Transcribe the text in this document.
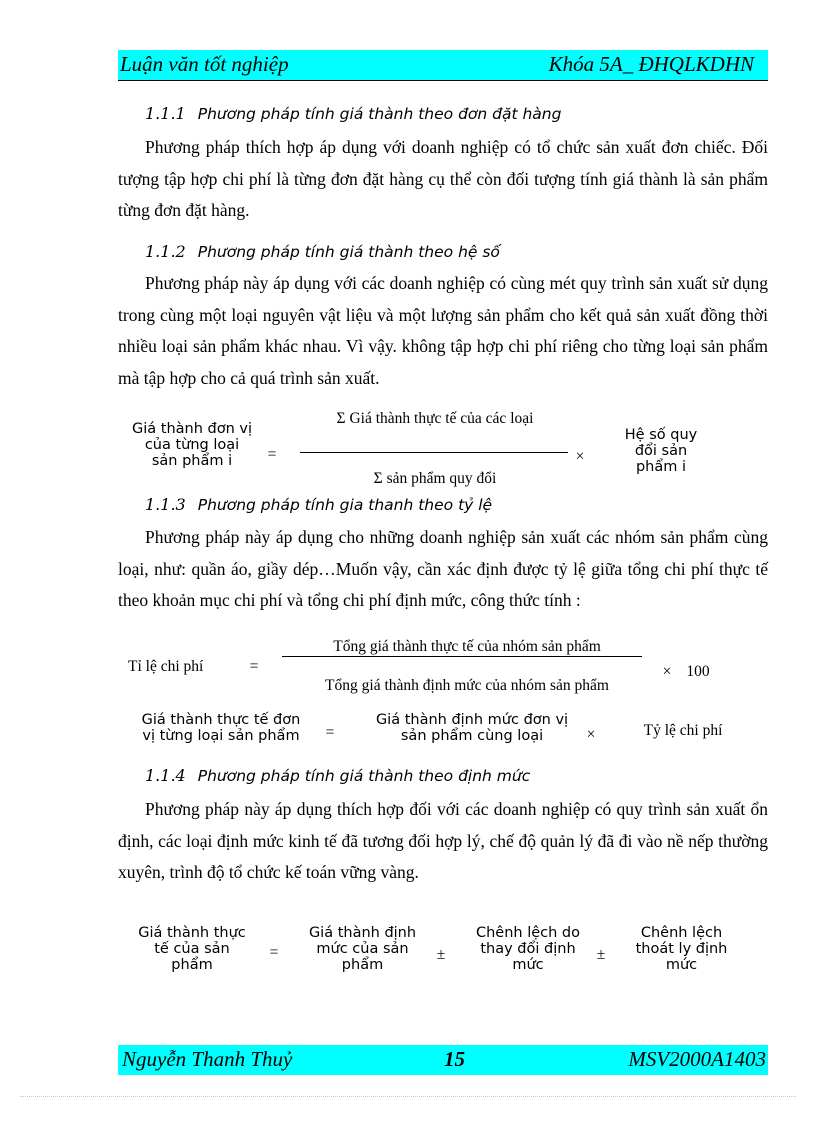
Luận văn tốt nghiệp	Khóa 5A_ ĐHQLKDHN
1.1.1 Phương pháp tính giá thành theo đơn đặt hàng
Phương pháp thích hợp áp dụng với doanh nghiệp có tổ chức sản xuất đơn chiếc. Đối tượng tập hợp chi phí là từng đơn đặt hàng cụ thể còn đối tượng tính giá thành là sản phẩm từng đơn đặt hàng.
1.1.2 Phương pháp tính giá thành theo hệ số
Phương pháp này áp dụng với các doanh nghiệp có cùng mét quy trình sản xuất sử dụng trong cùng một loại nguyên vật liệu và một lượng sản phẩm cho kết quả sản xuất đồng thời nhiều loại sản phẩm khác nhau. Vì vậy. không tập hợp chi phí riêng cho từng loại sản phẩm mà tập hợp cho cả quá trình sản xuất.
Giá thành đơn vị của từng loại sản phẩm i	=
Σ Giá thành thực tế của các loại
Σ sản phẩm quy đổi
×
Hệ số quy đổi sản phẩm i
1.1.3 Phương pháp tính gia thanh theo tỷ lệ
Phương pháp này áp dụng cho những doanh nghiệp sản xuất các nhóm sản phẩm cùng loại, như: quần áo, giầy dép…Muốn vậy, cần xác định được tỷ lệ giữa tổng chi phí thực tế theo khoản mục chi phí và tổng chi phí định mức, công thức tính :
Tỉ lệ chi phí	=
Tổng giá thành thực tế của nhóm sản phẩm
Tổng giá thành định mức của nhóm sản phẩm
× 100
Giá thành thực tế đơn vị từng loại sản phẩm	=
Giá thành định mức đơn vị sản phẩm cùng loại	×	Tỷ lệ chi phí
1.1.4 Phương pháp tính giá thành theo định mức
Phương pháp này áp dụng thích hợp đối với các doanh nghiệp có quy trình sản xuất ổn định, các loại định mức kinh tế đã tương đối hợp lý, chế độ quản lý đã đi vào nề nếp thường xuyên, trình độ tổ chức kế toán vững vàng.
Giá thành thực tế của sản phẩm
=
Giá thành định mức của sản phẩm
±
Chênh lệch do thay đổi định mức
±
Chênh lệch thoát ly định mức
Nguyễn Thanh Thuỷ	15	MSV2000A1403
